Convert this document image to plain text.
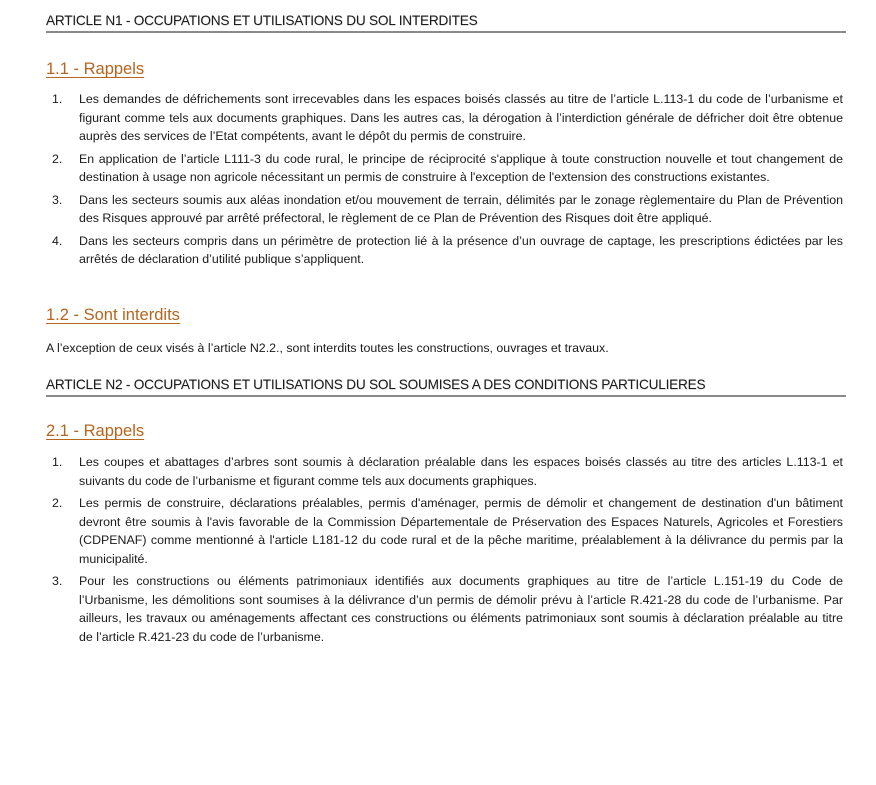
ARTICLE N1 - OCCUPATIONS ET UTILISATIONS DU SOL INTERDITES
1.1 - Rappels
1. Les demandes de défrichements sont irrecevables dans les espaces boisés classés au titre de l’article L.113-1 du code de l’urbanisme et figurant comme tels aux documents graphiques. Dans les autres cas, la dérogation à l’interdiction générale de défricher doit être obtenue auprès des services de l’Etat compétents, avant le dépôt du permis de construire.
2. En application de l’article L111-3 du code rural, le principe de réciprocité s'applique à toute construction nouvelle et tout changement de destination à usage non agricole nécessitant un permis de construire à l'exception de l'extension des constructions existantes.
3. Dans les secteurs soumis aux aléas inondation et/ou mouvement de terrain, délimités par le zonage règlementaire du Plan de Prévention des Risques approuvé par arrêté préfectoral, le règlement de ce Plan de Prévention des Risques doit être appliqué.
4. Dans les secteurs compris dans un périmètre de protection lié à la présence d’un ouvrage de captage, les prescriptions édictées par les arrêtés de déclaration d’utilité publique s’appliquent.
1.2 - Sont interdits
A l’exception de ceux visés à l’article N2.2., sont interdits toutes les constructions, ouvrages et travaux.
ARTICLE N2 - OCCUPATIONS ET UTILISATIONS DU SOL SOUMISES A DES CONDITIONS PARTICULIERES
2.1 - Rappels
1. Les coupes et abattages d’arbres sont soumis à déclaration préalable dans les espaces boisés classés au titre des articles L.113-1 et suivants du code de l’urbanisme et figurant comme tels aux documents graphiques.
2. Les permis de construire, déclarations préalables, permis d'aménager, permis de démolir et changement de destination d'un bâtiment devront être soumis à l'avis favorable de la Commission Départementale de Préservation des Espaces Naturels, Agricoles et Forestiers (CDPENAF) comme mentionné à l'article L181-12 du code rural et de la pêche maritime, préalablement à la délivrance du permis par la municipalité.
3. Pour les constructions ou éléments patrimoniaux identifiés aux documents graphiques au titre de l’article L.151-19 du Code de l’Urbanisme, les démolitions sont soumises à la délivrance d’un permis de démolir prévu à l’article R.421-28 du code de l’urbanisme. Par ailleurs, les travaux ou aménagements affectant ces constructions ou éléments patrimoniaux sont soumis à déclaration préalable au titre de l’article R.421-23 du code de l’urbanisme.
